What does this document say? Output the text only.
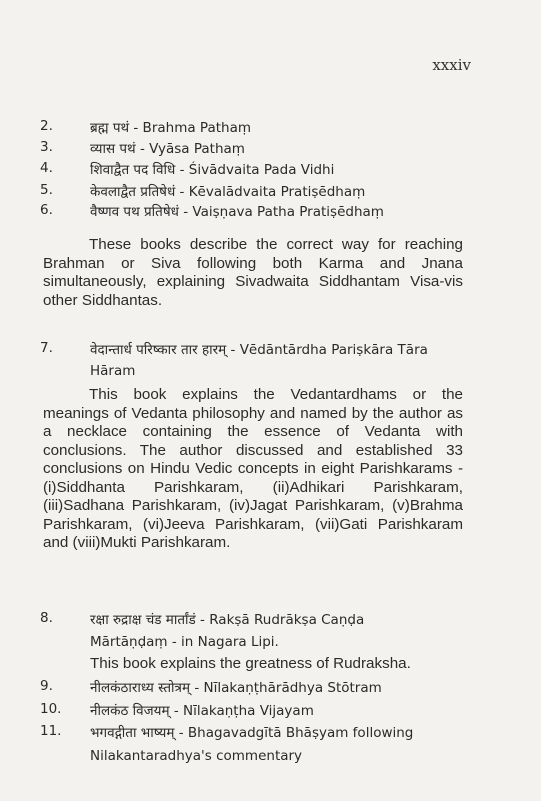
xxxiv
2.	ब्रह्म पथं - Brahma Pathaṃ
3.	व्यास पथं - Vyāsa Pathaṃ
4.	शिवाद्वैत पद विधि - Śivādvaita Pada Vidhi
5.	केवलाद्वैत प्रतिषेधं - Kēvalādvaita Pratiṣēdhaṃ
6.	वैष्णव पथ प्रतिषेधं - Vaiṣṇava Patha Pratiṣēdhaṃ
These books describe the correct way for reaching Brahman or Siva following both Karma and Jnana simultaneously, explaining Sivadwaita Siddhantam Visa-vis other Siddhantas.
7.	वेदान्तार्ध परिष्कार तार हारम् - Vēdāntārdha Pariṣkāra Tāra
Hāram
This book explains the Vedantardhams or the meanings of Vedanta philosophy and named by the author as a necklace containing the essence of Vedanta with conclusions. The author discussed and established 33 conclusions on Hindu Vedic concepts in eight Parishkarams - (i)Siddhanta Parishkaram, (ii)Adhikari Parishkaram, (iii)Sadhana Parishkaram, (iv)Jagat Parishkaram, (v)Brahma Parishkaram, (vi)Jeeva Parishkaram, (vii)Gati Parishkaram and (viii)Mukti Parishkaram.
8.	रक्षा रुद्राक्ष चंड मार्तांडं - Rakṣā Rudrākṣa Caṇḍa
Mārtāṇḍaṃ - in Nagara Lipi.
This book explains the greatness of Rudraksha.
9.	नीलकंठाराध्य स्तोत्रम् - Nīlakaṇṭhārādhya Stōtram
10.	नीलकंठ विजयम् - Nīlakaṇṭha Vijayam
11.	भगवद्गीता भाष्यम् - Bhagavadgītā Bhāṣyam following
Nilakantaradhya's commentary
